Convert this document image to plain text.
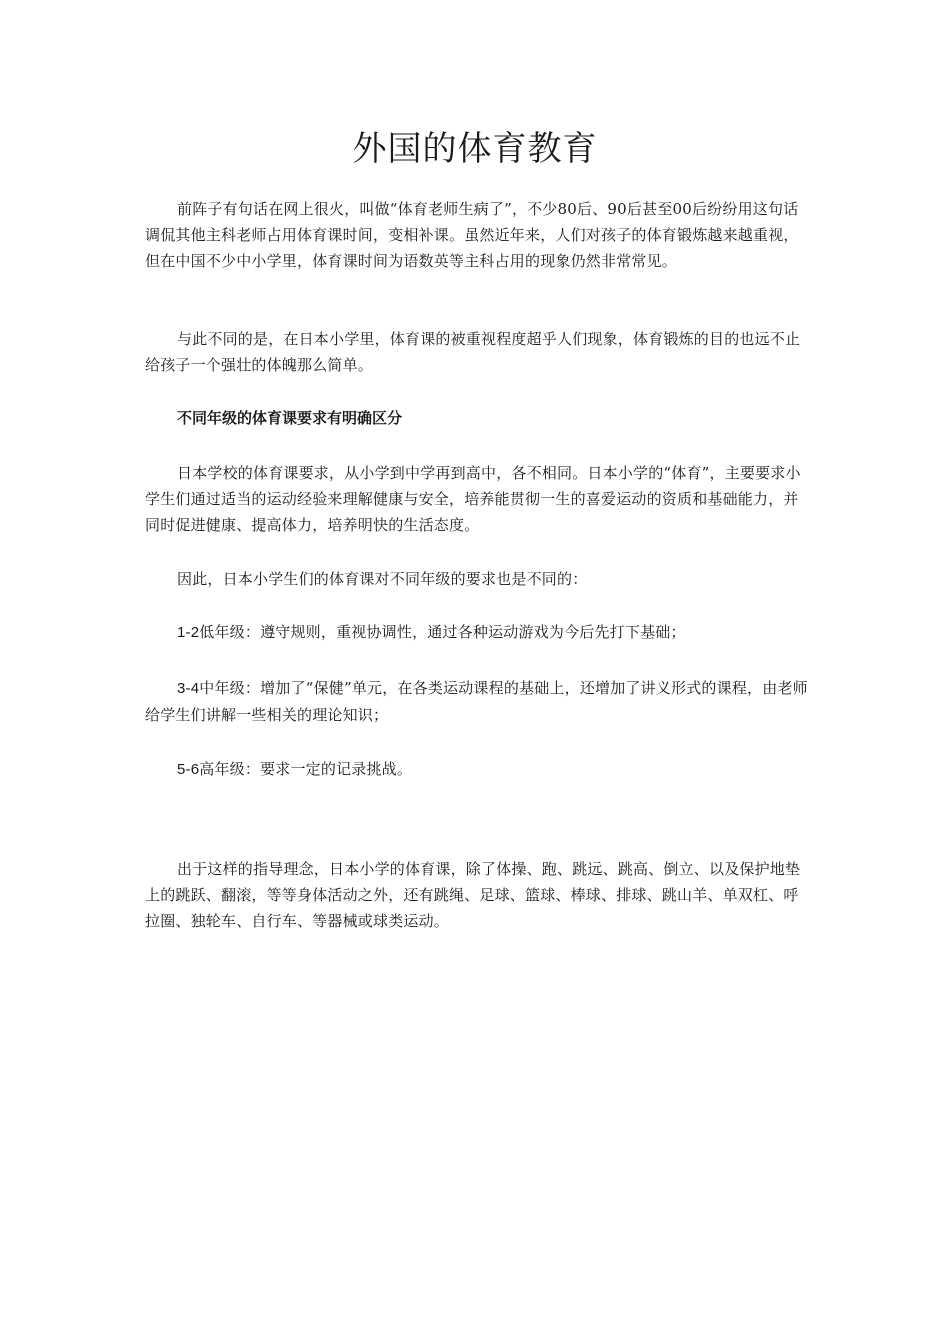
外国的体育教育

前阵子有句话在网上很火，叫做“体育老师生病了”，不少80后、90后甚至00后纷纷用这句话调侃其他主科老师占用体育课时间，变相补课。虽然近年来，人们对孩子的体育锻炼越来越重视，但在中国不少中小学里，体育课时间为语数英等主科占用的现象仍然非常常见。

与此不同的是，在日本小学里，体育课的被重视程度超乎人们现象，体育锻炼的目的也远不止给孩子一个强壮的体魄那么简单。

不同年级的体育课要求有明确区分

日本学校的体育课要求，从小学到中学再到高中，各不相同。日本小学的“体育”，主要要求小学生们通过适当的运动经验来理解健康与安全，培养能贯彻一生的喜爱运动的资质和基础能力，并同时促进健康、提高体力，培养明快的生活态度。

因此，日本小学生们的体育课对不同年级的要求也是不同的：

1-2低年级：遵守规则，重视协调性，通过各种运动游戏为今后先打下基础；

3-4中年级：增加了“保健”单元，在各类运动课程的基础上，还增加了讲义形式的课程，由老师给学生们讲解一些相关的理论知识；

5-6高年级：要求一定的记录挑战。

出于这样的指导理念，日本小学的体育课，除了体操、跑、跳远、跳高、倒立、以及保护地垫上的跳跃、翻滚，等等身体活动之外，还有跳绳、足球、篮球、棒球、排球、跳山羊、单双杠、呼拉圈、独轮车、自行车、等器械或球类运动。
